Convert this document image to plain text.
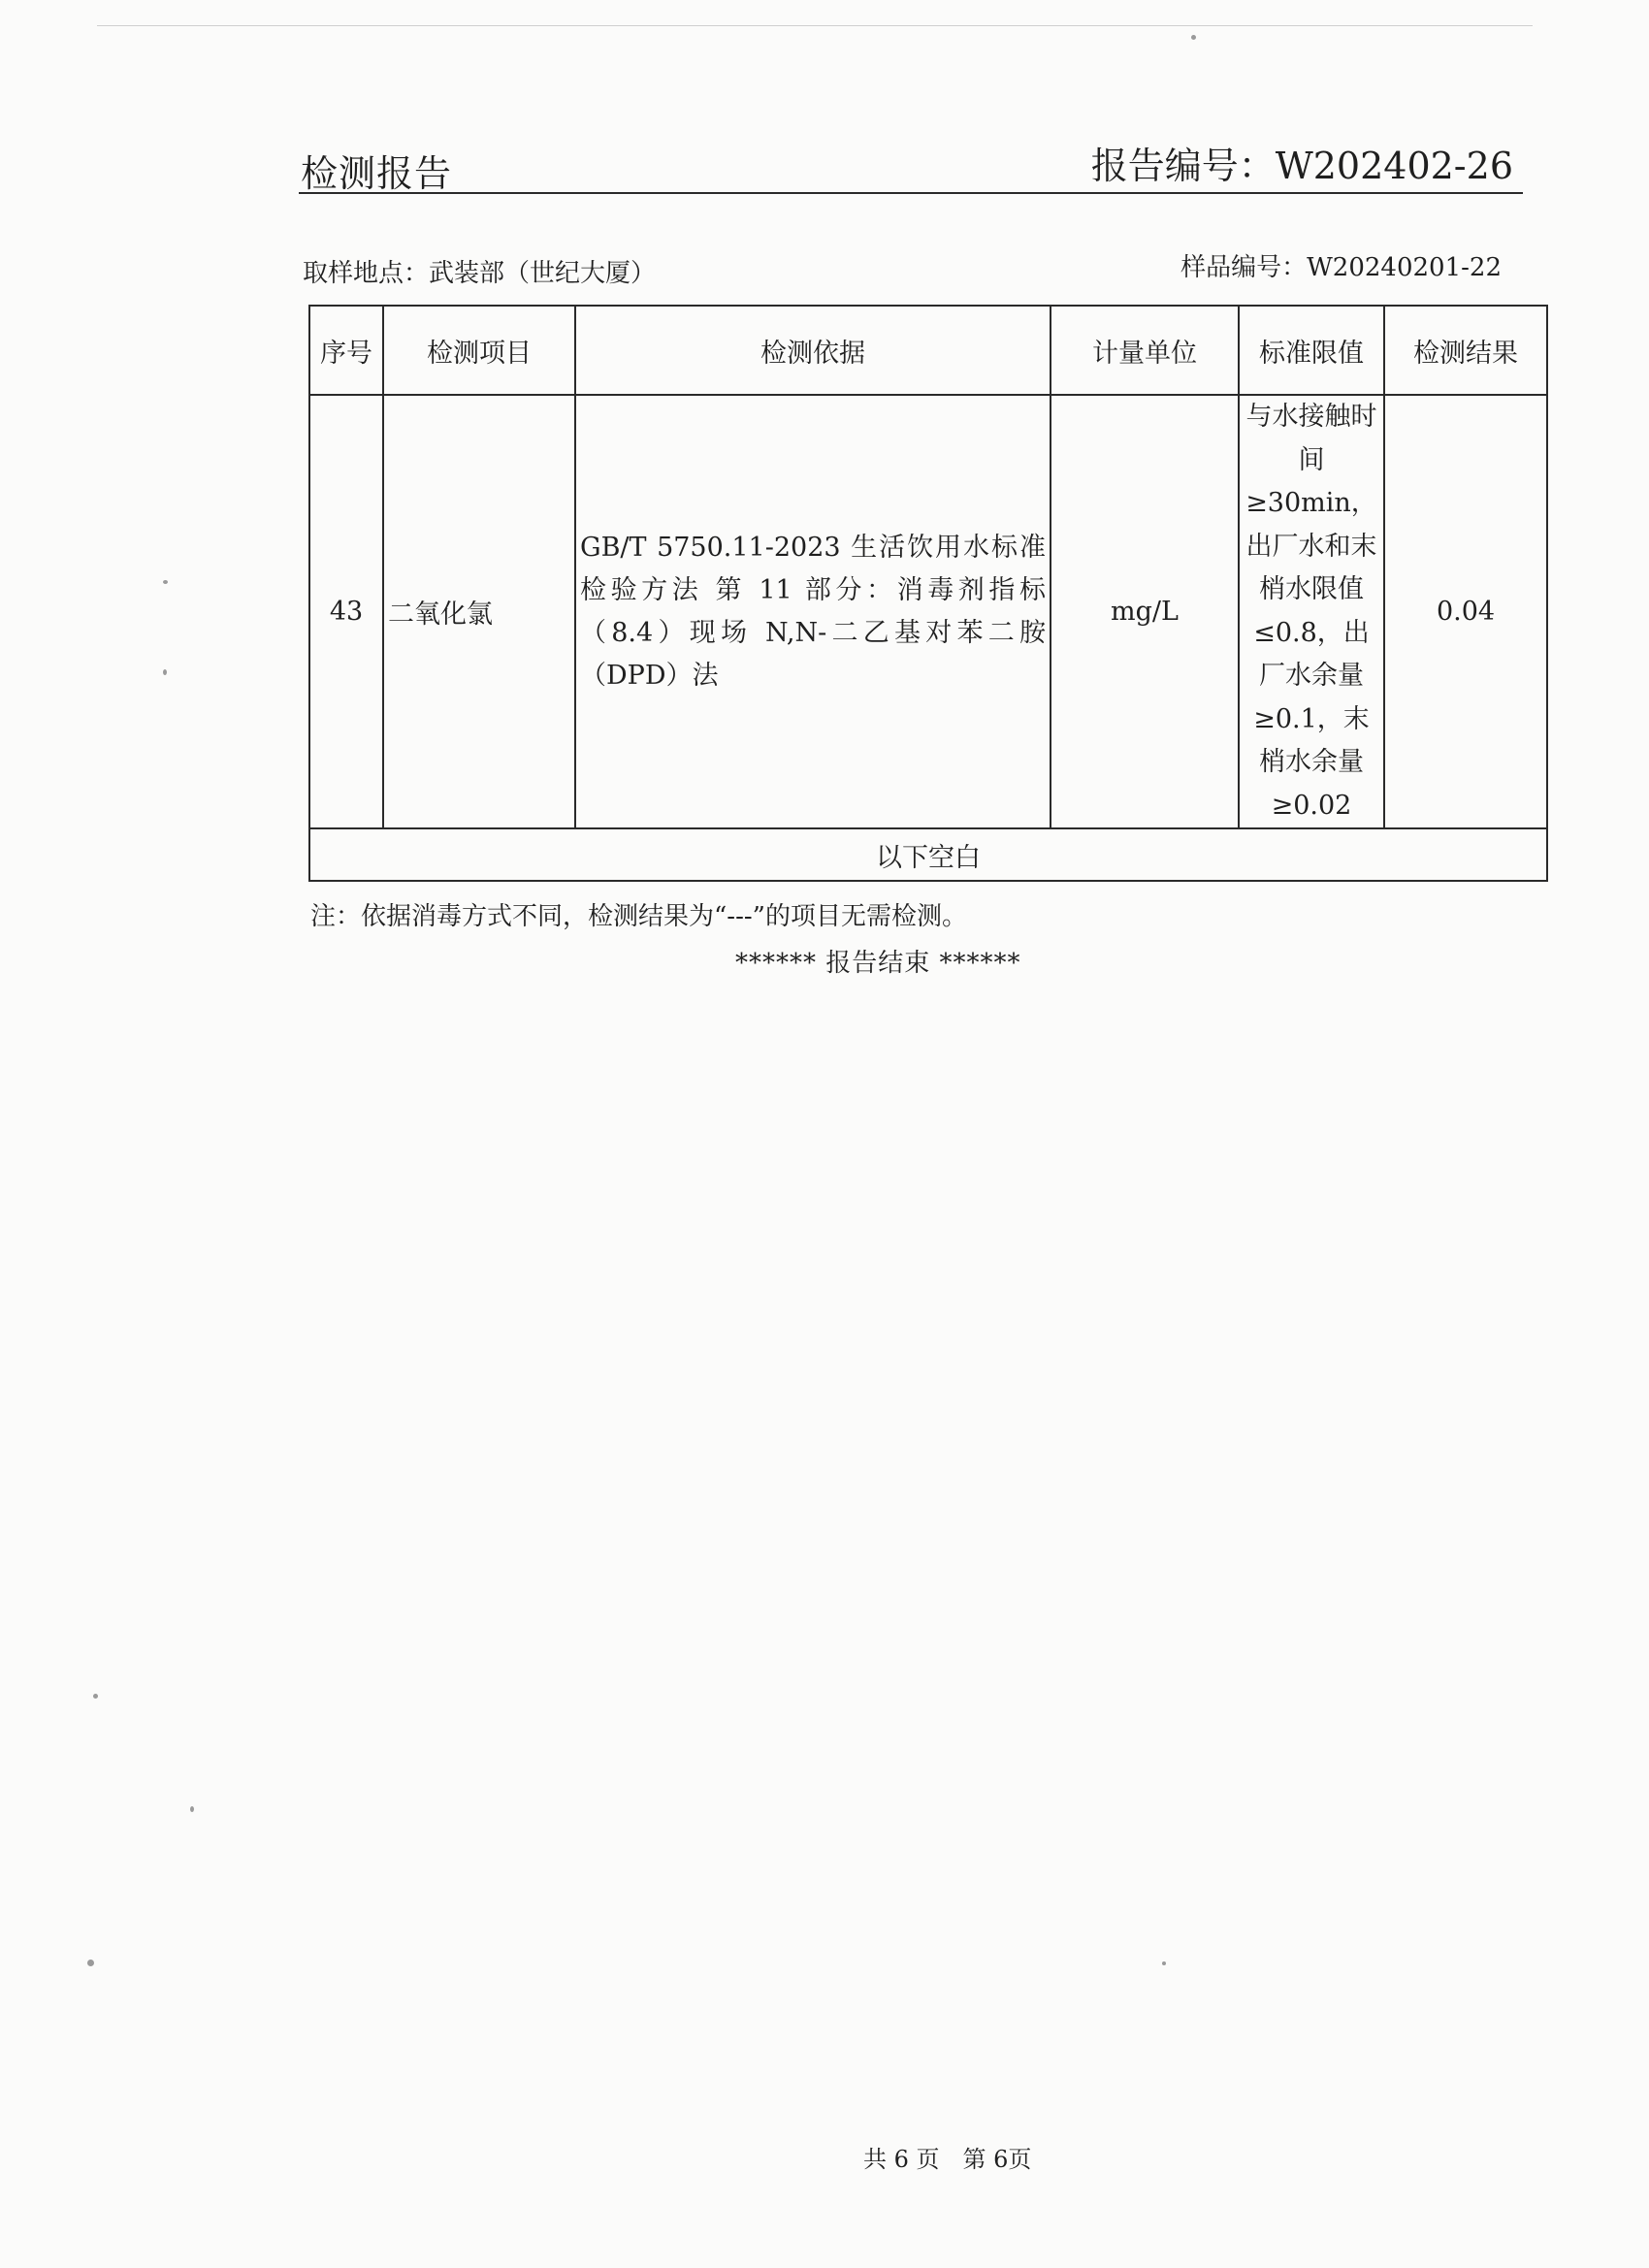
检测报告	报告编号：W202402-26
取样地点：武装部（世纪大厦）	样品编号：W20240201-22
序号	检测项目	检测依据	计量单位	标准限值	检测结果
43	二氧化氯	GB/T 5750.11-2023 生活饮用水标准检验方法 第 11 部分：消毒剂指标（8.4）现场 N,N-二乙基对苯二胺（DPD）法	mg/L	与水接触时间≥30min，出厂水和末梢水限值≤0.8，出厂水余量≥0.1，末梢水余量≥0.02	0.04
以下空白					
注：依据消毒方式不同，检测结果为“---”的项目无需检测。
****** 报告结束 ******
共 6 页　第 6页
